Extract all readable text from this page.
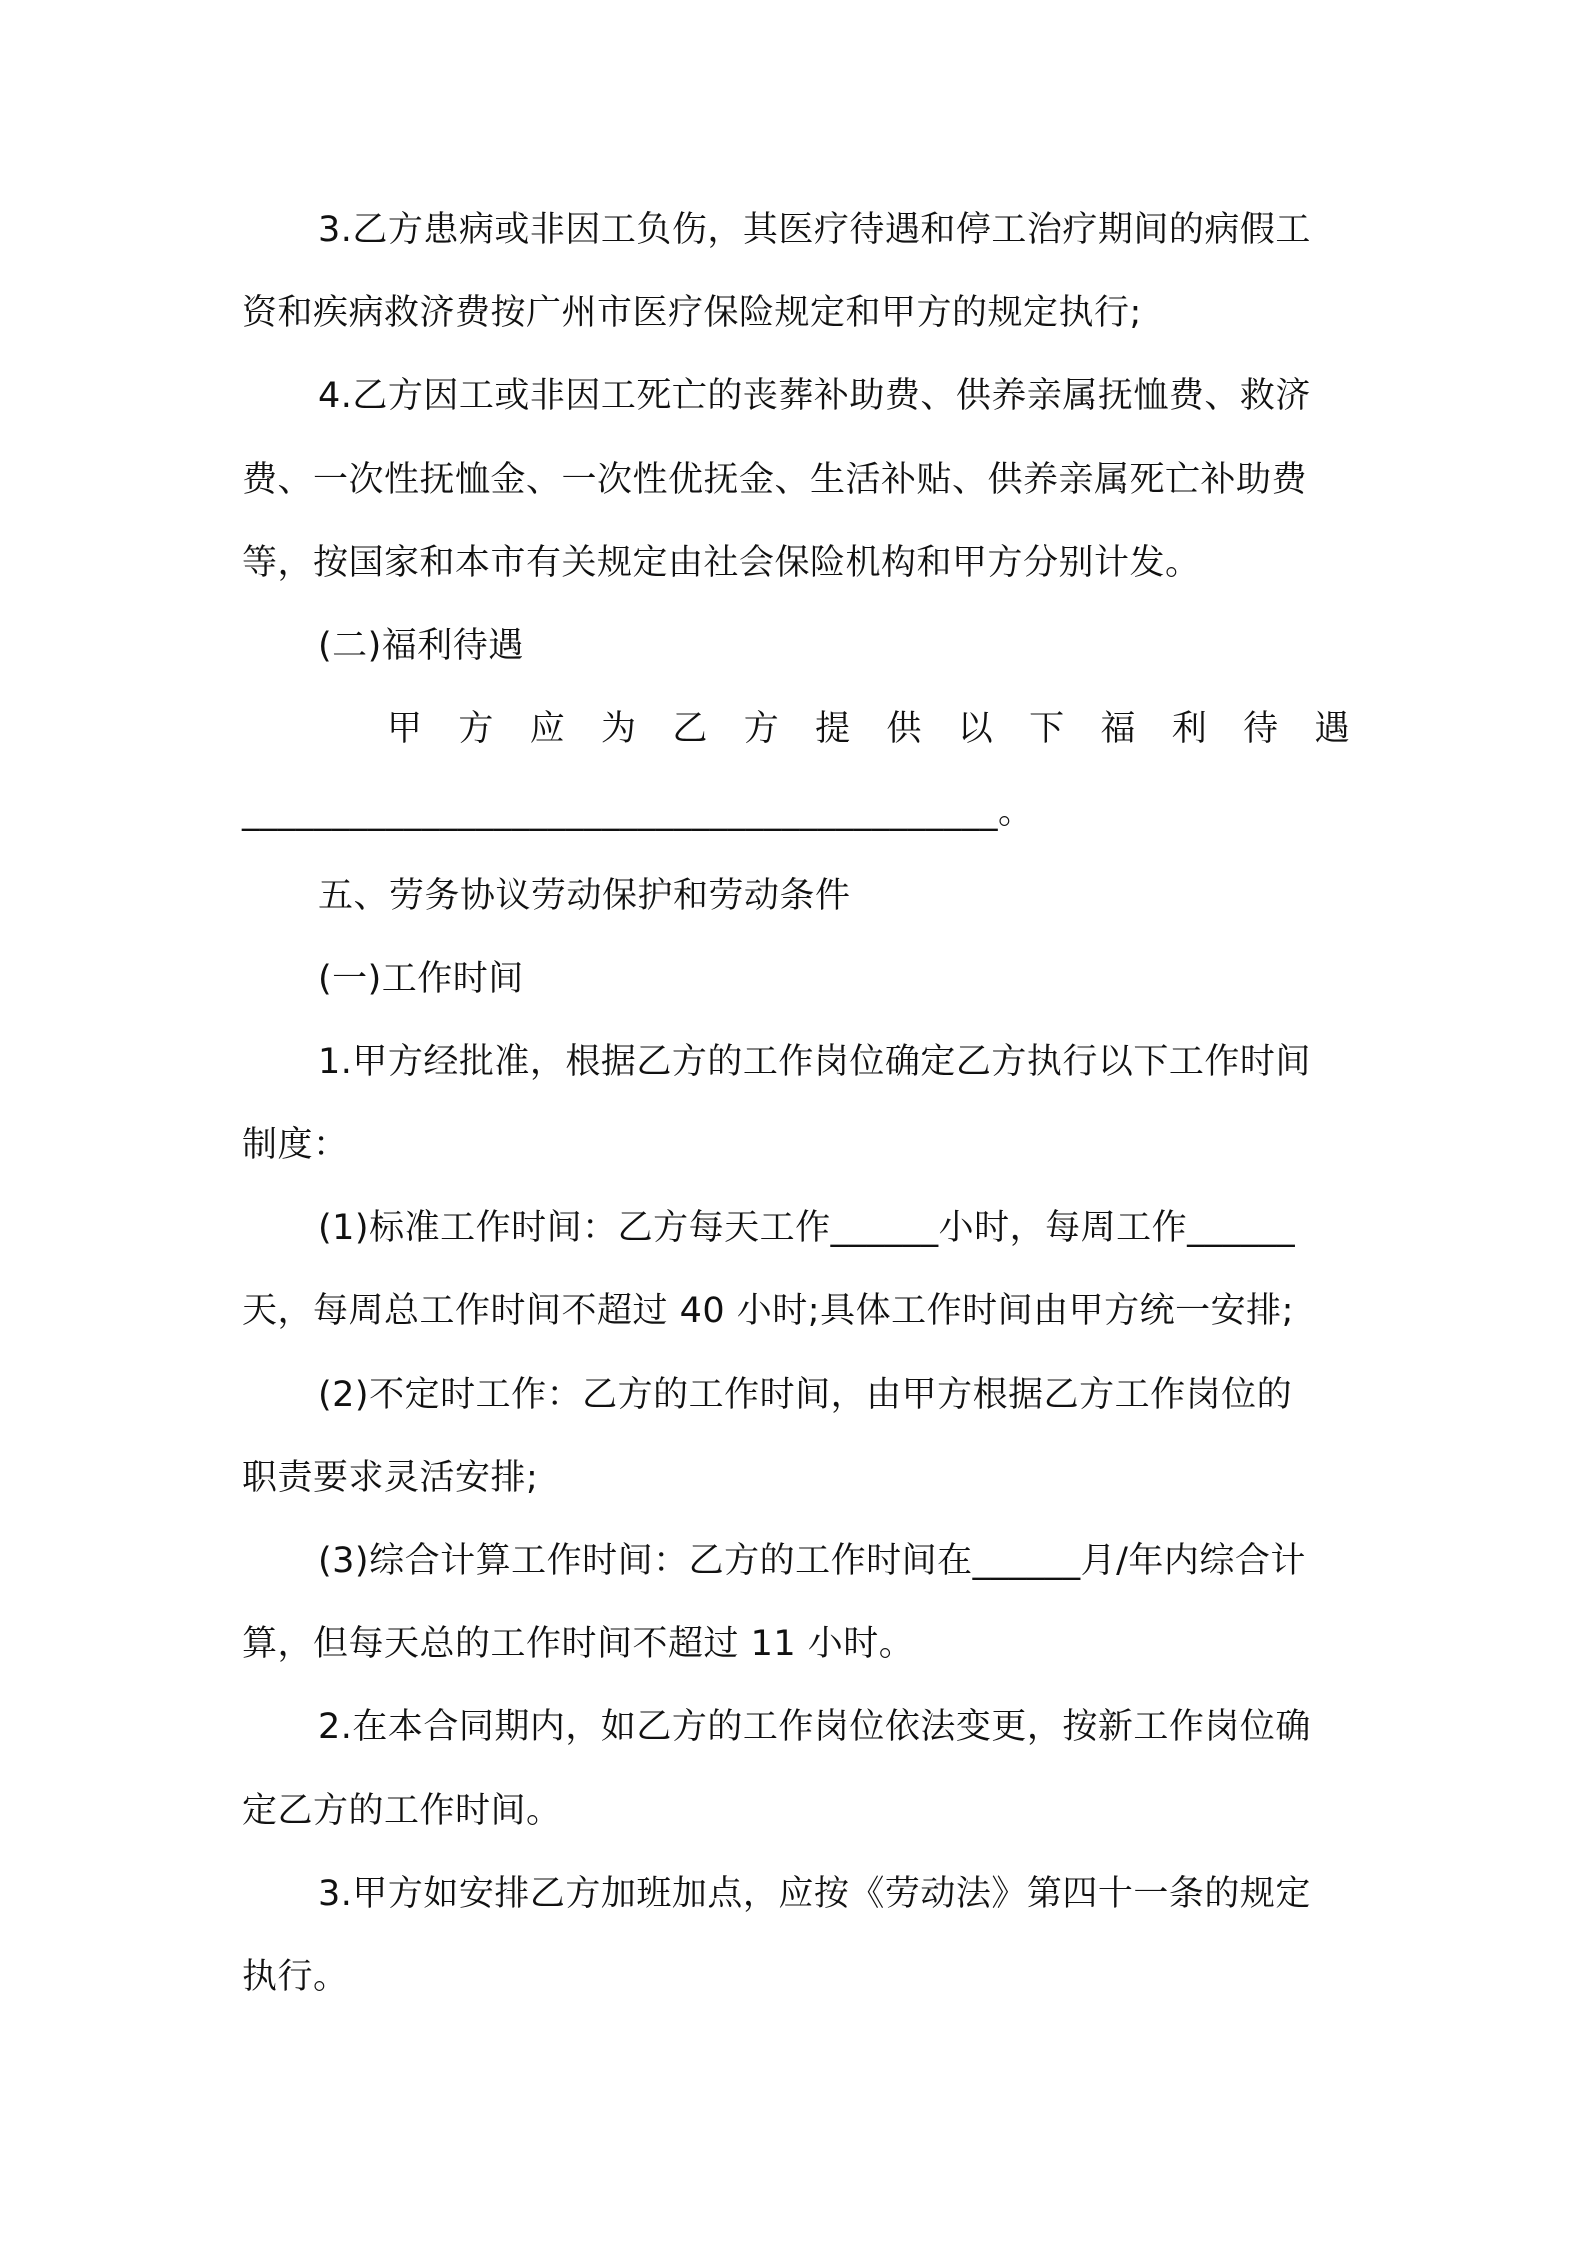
3.乙方患病或非因工负伤，其医疗待遇和停工治疗期间的病假工
资和疾病救济费按广州市医疗保险规定和甲方的规定执行;
4.乙方因工或非因工死亡的丧葬补助费、供养亲属抚恤费、救济
费、一次性抚恤金、一次性优抚金、生活补贴、供养亲属死亡补助费
等，按国家和本市有关规定由社会保险机构和甲方分别计发。
(二)福利待遇
甲 方 应 为 乙 方 提 供 以 下 福 利 待 遇
__________________________________________。
五、劳务协议劳动保护和劳动条件
(一)工作时间
1.甲方经批准，根据乙方的工作岗位确定乙方执行以下工作时间
制度：
(1)标准工作时间：乙方每天工作______小时，每周工作______
天，每周总工作时间不超过 40 小时;具体工作时间由甲方统一安排;
(2)不定时工作：乙方的工作时间，由甲方根据乙方工作岗位的
职责要求灵活安排;
(3)综合计算工作时间：乙方的工作时间在______月/年内综合计
算，但每天总的工作时间不超过 11 小时。
2.在本合同期内，如乙方的工作岗位依法变更，按新工作岗位确
定乙方的工作时间。
3.甲方如安排乙方加班加点，应按《劳动法》第四十一条的规定
执行。
